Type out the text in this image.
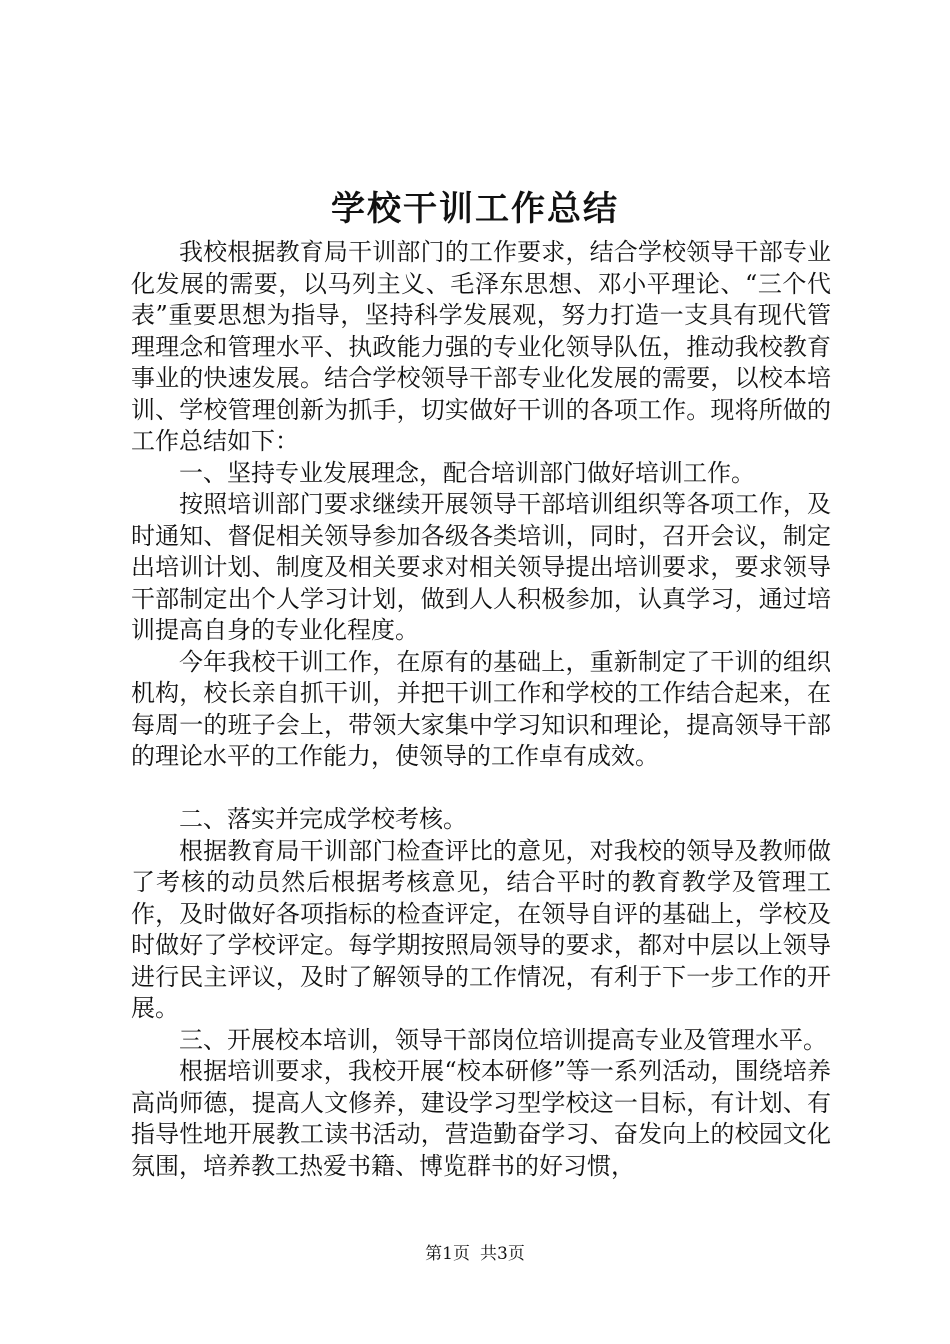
学校干训工作总结

我校根据教育局干训部门的工作要求，结合学校领导干部专业化发展的需要，以马列主义、毛泽东思想、邓小平理论、“三个代表”重要思想为指导，坚持科学发展观，努力打造一支具有现代管理理念和管理水平、执政能力强的专业化领导队伍，推动我校教育事业的快速发展。结合学校领导干部专业化发展的需要，以校本培训、学校管理创新为抓手，切实做好干训的各项工作。现将所做的工作总结如下：

一、坚持专业发展理念，配合培训部门做好培训工作。

按照培训部门要求继续开展领导干部培训组织等各项工作，及时通知、督促相关领导参加各级各类培训，同时，召开会议，制定出培训计划、制度及相关要求对相关领导提出培训要求，要求领导干部制定出个人学习计划，做到人人积极参加，认真学习，通过培训提高自身的专业化程度。

今年我校干训工作，在原有的基础上，重新制定了干训的组织机构，校长亲自抓干训，并把干训工作和学校的工作结合起来，在每周一的班子会上，带领大家集中学习知识和理论，提高领导干部的理论水平的工作能力，使领导的工作卓有成效。

二、落实并完成学校考核。

根据教育局干训部门检查评比的意见，对我校的领导及教师做了考核的动员然后根据考核意见，结合平时的教育教学及管理工作，及时做好各项指标的检查评定，在领导自评的基础上，学校及时做好了学校评定。每学期按照局领导的要求，都对中层以上领导进行民主评议，及时了解领导的工作情况，有利于下一步工作的开展。

三、开展校本培训，领导干部岗位培训提高专业及管理水平。

根据培训要求，我校开展“校本研修”等一系列活动，围绕培养高尚师德，提高人文修养，建设学习型学校这一目标，有计划、有指导性地开展教工读书活动，营造勤奋学习、奋发向上的校园文化氛围，培养教工热爱书籍、博览群书的好习惯，

第1页 共3页
